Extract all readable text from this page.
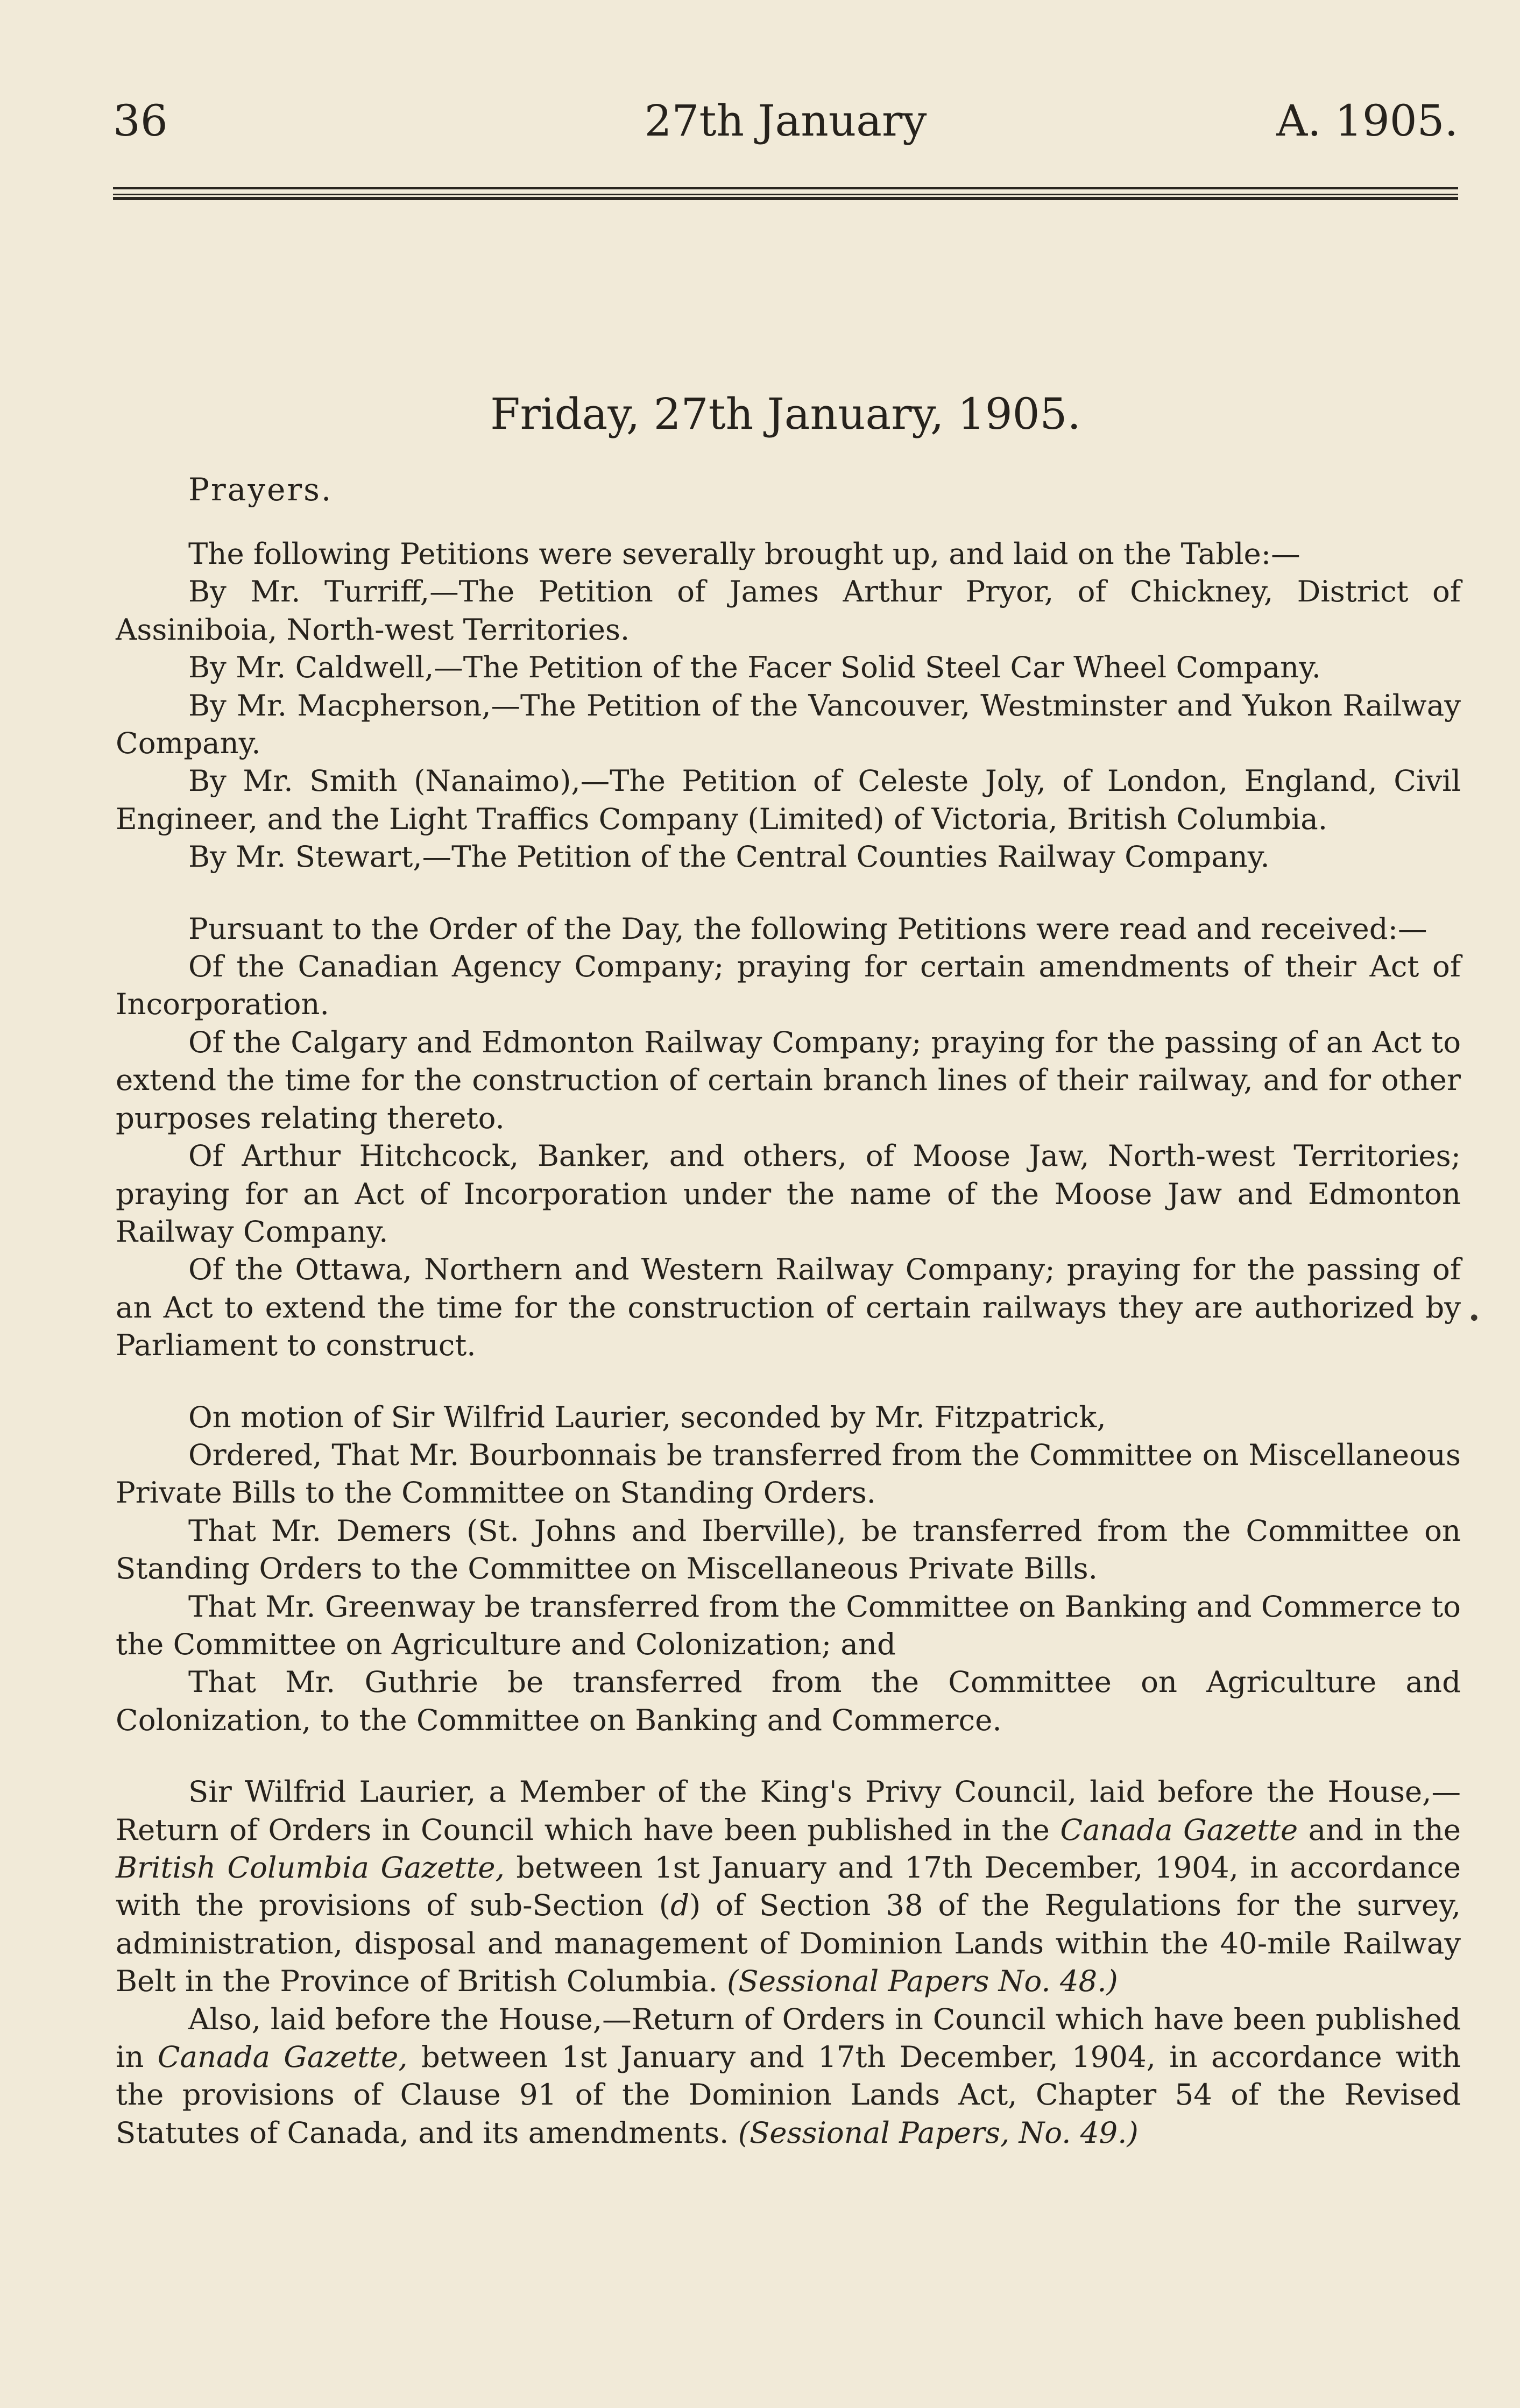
36	27th January	A. 1905.
Friday, 27th January, 1905.
Prayers.

The following Petitions were severally brought up, and laid on the Table:—

By Mr. Turriff,—The Petition of James Arthur Pryor, of Chickney, District of Assiniboia, North-west Territories.

By Mr. Caldwell,—The Petition of the Facer Solid Steel Car Wheel Company.

By Mr. Macpherson,—The Petition of the Vancouver, Westminster and Yukon Railway Company.

By Mr. Smith (Nanaimo),—The Petition of Celeste Joly, of London, England, Civil Engineer, and the Light Traffics Company (Limited) of Victoria, British Columbia.

By Mr. Stewart,—The Petition of the Central Counties Railway Company.

Pursuant to the Order of the Day, the following Petitions were read and received:—

Of the Canadian Agency Company; praying for certain amendments of their Act of Incorporation.

Of the Calgary and Edmonton Railway Company; praying for the passing of an Act to extend the time for the construction of certain branch lines of their railway, and for other purposes relating thereto.

Of Arthur Hitchcock, Banker, and others, of Moose Jaw, North-west Territories; praying for an Act of Incorporation under the name of the Moose Jaw and Edmonton Railway Company.

Of the Ottawa, Northern and Western Railway Company; praying for the passing of an Act to extend the time for the construction of certain railways they are authorized by Parliament to construct.

On motion of Sir Wilfrid Laurier, seconded by Mr. Fitzpatrick,

Ordered, That Mr. Bourbonnais be transferred from the Committee on Miscellaneous Private Bills to the Committee on Standing Orders.

That Mr. Demers (St. Johns and Iberville), be transferred from the Committee on Standing Orders to the Committee on Miscellaneous Private Bills.

That Mr. Greenway be transferred from the Committee on Banking and Commerce to the Committee on Agriculture and Colonization; and

That Mr. Guthrie be transferred from the Committee on Agriculture and Colonization, to the Committee on Banking and Commerce.

Sir Wilfrid Laurier, a Member of the King's Privy Council, laid before the House,—Return of Orders in Council which have been published in the Canada Gazette and in the British Columbia Gazette, between 1st January and 17th December, 1904, in accordance with the provisions of sub-Section (d) of Section 38 of the Regulations for the survey, administration, disposal and management of Dominion Lands within the 40-mile Railway Belt in the Province of British Columbia. (Sessional Papers No. 48.)

Also, laid before the House,—Return of Orders in Council which have been published in Canada Gazette, between 1st January and 17th December, 1904, in accordance with the provisions of Clause 91 of the Dominion Lands Act, Chapter 54 of the Revised Statutes of Canada, and its amendments. (Sessional Papers, No. 49.)

•
